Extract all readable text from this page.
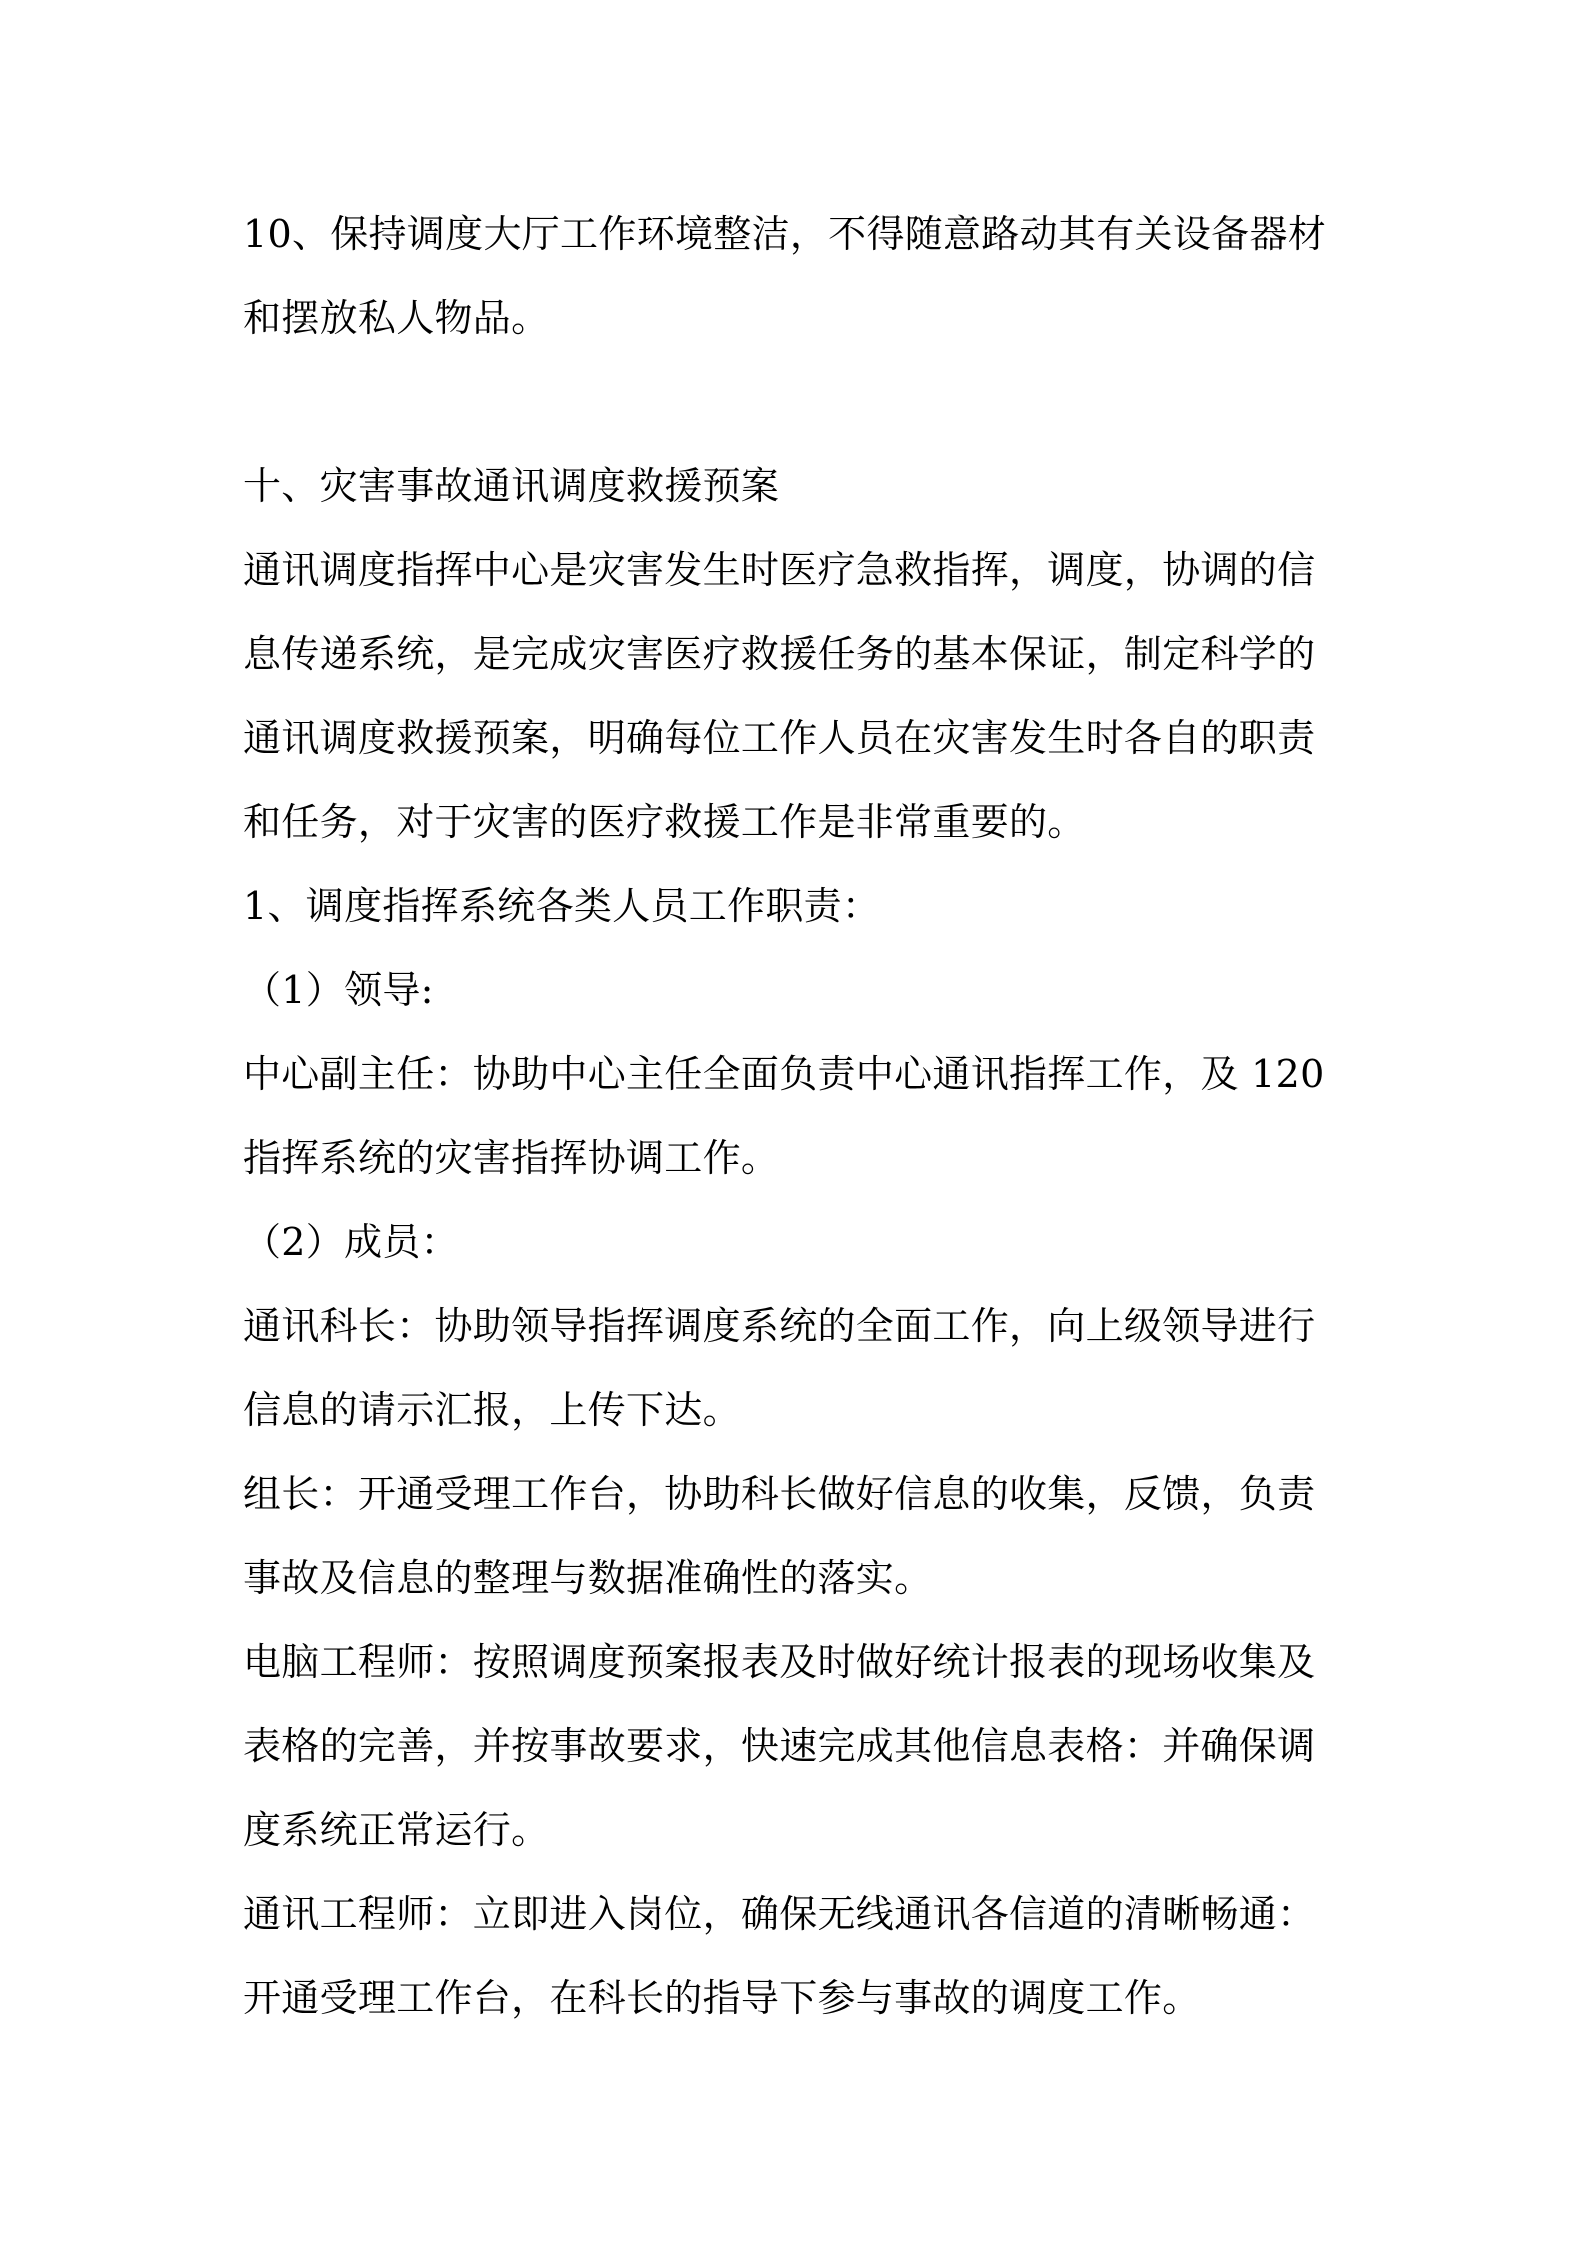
10、保持调度大厅工作环境整洁，不得随意路动其有关设备器材
和摆放私人物品。
十、灾害事故通讯调度救援预案
通讯调度指挥中心是灾害发生时医疗急救指挥，调度，协调的信
息传递系统，是完成灾害医疗救援任务的基本保证，制定科学的
通讯调度救援预案，明确每位工作人员在灾害发生时各自的职责
和任务，对于灾害的医疗救援工作是非常重要的。
1、调度指挥系统各类人员工作职责：
（1）领导:
中心副主任：协助中心主任全面负责中心通讯指挥工作，及 120
指挥系统的灾害指挥协调工作。
（2）成员：
通讯科长：协助领导指挥调度系统的全面工作，向上级领导进行
信息的请示汇报，上传下达。
组长：开通受理工作台，协助科长做好信息的收集，反馈，负责
事故及信息的整理与数据准确性的落实。
电脑工程师：按照调度预案报表及时做好统计报表的现场收集及
表格的完善，并按事故要求，快速完成其他信息表格：并确保调
度系统正常运行。
通讯工程师：立即进入岗位，确保无线通讯各信道的清晰畅通：
开通受理工作台，在科长的指导下参与事故的调度工作。
